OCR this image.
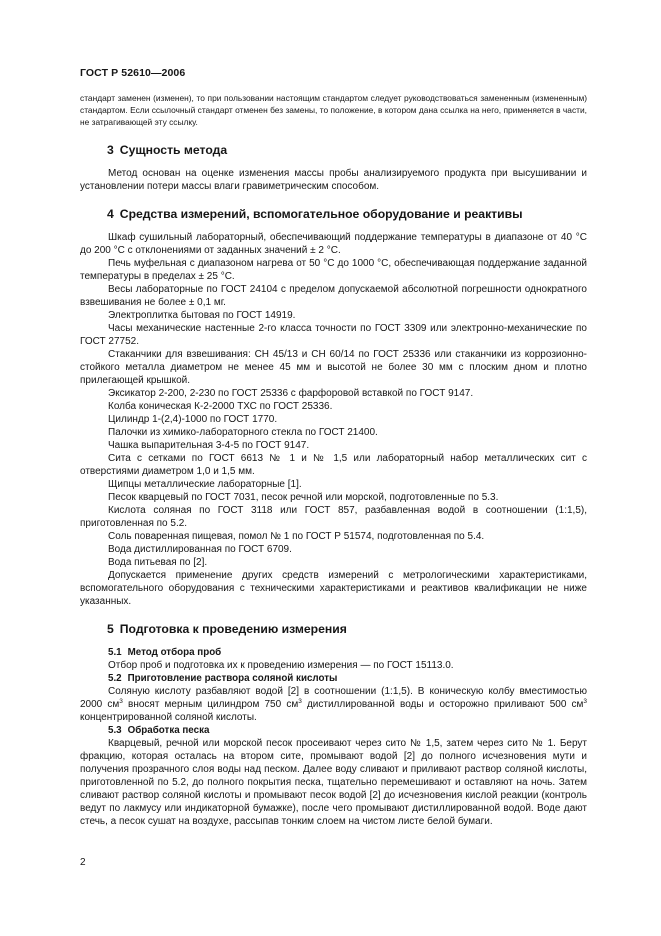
ГОСТ Р 52610—2006

стандарт заменен (изменен), то при пользовании настоящим стандартом следует руководствоваться замененным (измененным) стандартом. Если ссылочный стандарт отменен без замены, то положение, в котором дана ссылка на него, применяется в части, не затрагивающей эту ссылку.

3 Сущность метода

Метод основан на оценке изменения массы пробы анализируемого продукта при высушивании и установлении потери массы влаги гравиметрическим способом.

4 Средства измерений, вспомогательное оборудование и реактивы

Шкаф сушильный лабораторный, обеспечивающий поддержание температуры в диапазоне от 40 °С до 200 °С с отклонениями от заданных значений ± 2 °С.

Печь муфельная с диапазоном нагрева от 50 °С до 1000 °С, обеспечивающая поддержание заданной температуры в пределах ± 25 °С.

Весы лабораторные по ГОСТ 24104 с пределом допускаемой абсолютной погрешности однократного взвешивания не более ± 0,1 мг.

Электроплитка бытовая по ГОСТ 14919.

Часы механические настенные 2-го класса точности по ГОСТ 3309 или электронно-механические по ГОСТ 27752.

Стаканчики для взвешивания: СН 45/13 и СН 60/14 по ГОСТ 25336 или стаканчики из коррозионно-стойкого металла диаметром не менее 45 мм и высотой не более 30 мм с плоским дном и плотно прилегающей крышкой.

Эксикатор 2-200, 2-230 по ГОСТ 25336 с фарфоровой вставкой по ГОСТ 9147.

Колба коническая К-2-2000 ТХС по ГОСТ 25336.

Цилиндр 1-(2,4)-1000 по ГОСТ 1770.

Палочки из химико-лабораторного стекла по ГОСТ 21400.

Чашка выпарительная 3-4-5 по ГОСТ 9147.

Сита с сетками по ГОСТ 6613 № 1 и № 1,5 или лабораторный набор металлических сит с отверстиями диаметром 1,0 и 1,5 мм.

Щипцы металлические лабораторные [1].

Песок кварцевый по ГОСТ 7031, песок речной или морской, подготовленные по 5.3.

Кислота соляная по ГОСТ 3118 или ГОСТ 857, разбавленная водой в соотношении (1:1,5), приготовленная по 5.2.

Соль поваренная пищевая, помол № 1 по ГОСТ Р 51574, подготовленная по 5.4.

Вода дистиллированная по ГОСТ 6709.

Вода питьевая по [2].

Допускается применение других средств измерений с метрологическими характеристиками, вспомогательного оборудования с техническими характеристиками и реактивов квалификации не ниже указанных.

5 Подготовка к проведению измерения
5.1 Метод отбора проб

Отбор проб и подготовка их к проведению измерения — по ГОСТ 15113.0.

5.2 Приготовление раствора соляной кислоты

Соляную кислоту разбавляют водой [2] в соотношении (1:1,5). В коническую колбу вместимостью 2000 $см^3$ вносят мерным цилиндром 750 $см^3$ дистиллированной воды и осторожно приливают 500 $см^3$ концентрированной соляной кислоты.

5.3 Обработка песка

Кварцевый, речной или морской песок просеивают через сито № 1,5, затем через сито № 1. Берут фракцию, которая осталась на втором сите, промывают водой [2] до полного исчезновения мути и получения прозрачного слоя воды над песком. Далее воду сливают и приливают раствор соляной кислоты, приготовленной по 5.2, до полного покрытия песка, тщательно перемешивают и оставляют на ночь. Затем сливают раствор соляной кислоты и промывают песок водой [2] до исчезновения кислой реакции (контроль ведут по лакмусу или индикаторной бумажке), после чего промывают дистиллированной водой. Воде дают стечь, а песок сушат на воздухе, рассыпав тонким слоем на чистом листе белой бумаги.

2
